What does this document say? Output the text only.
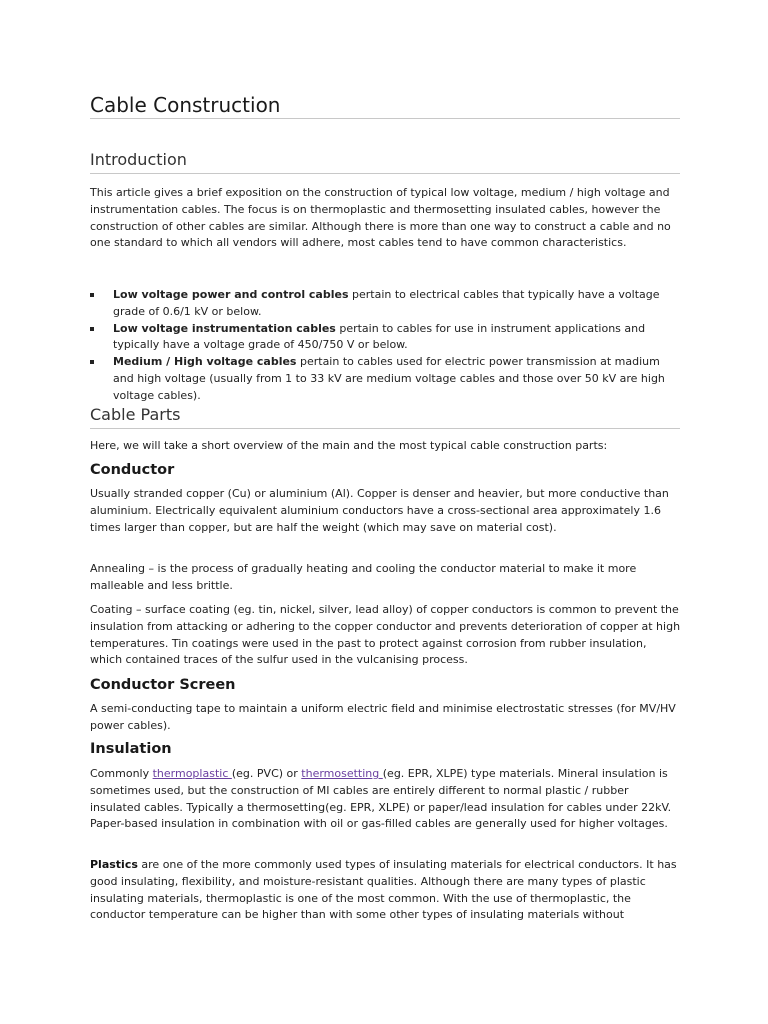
Cable Construction
Introduction

This article gives a brief exposition on the construction of typical low voltage, medium / high voltage and instrumentation cables. The focus is on thermoplastic and thermosetting insulated cables, however the construction of other cables are similar. Although there is more than one way to construct a cable and no one standard to which all vendors will adhere, most cables tend to have common characteristics.

Low voltage power and control cables pertain to electrical cables that typically have a voltage grade of 0.6/1 kV or below.
Low voltage instrumentation cables pertain to cables for use in instrument applications and typically have a voltage grade of 450/750 V or below.
Medium / High voltage cables pertain to cables used for electric power transmission at madium and high voltage (usually from 1 to 33 kV are medium voltage cables and those over 50 kV are high voltage cables).
Cable Parts

Here, we will take a short overview of the main and the most typical cable construction parts:

Conductor

Usually stranded copper (Cu) or aluminium (Al). Copper is denser and heavier, but more conductive than aluminium. Electrically equivalent aluminium conductors have a cross-sectional area approximately 1.6 times larger than copper, but are half the weight (which may save on material cost).

Annealing – is the process of gradually heating and cooling the conductor material to make it more malleable and less brittle.

Coating – surface coating (eg. tin, nickel, silver, lead alloy) of copper conductors is common to prevent the insulation from attacking or adhering to the copper conductor and prevents deterioration of copper at high temperatures. Tin coatings were used in the past to protect against corrosion from rubber insulation, which contained traces of the sulfur used in the vulcanising process.

Conductor Screen

A semi-conducting tape to maintain a uniform electric field and minimise electrostatic stresses (for MV/HV power cables).

Insulation

Commonly thermoplastic (eg. PVC) or thermosetting (eg. EPR, XLPE) type materials. Mineral insulation is sometimes used, but the construction of MI cables are entirely different to normal plastic / rubber insulated cables. Typically a thermosetting(eg. EPR, XLPE) or paper/lead insulation for cables under 22kV. Paper-based insulation in combination with oil or gas-filled cables are generally used for higher voltages.

Plastics are one of the more commonly used types of insulating materials for electrical conductors. It has good insulating, flexibility, and moisture-resistant qualities. Although there are many types of plastic insulating materials, thermoplastic is one of the most common. With the use of thermoplastic, the conductor temperature can be higher than with some other types of insulating materials without
